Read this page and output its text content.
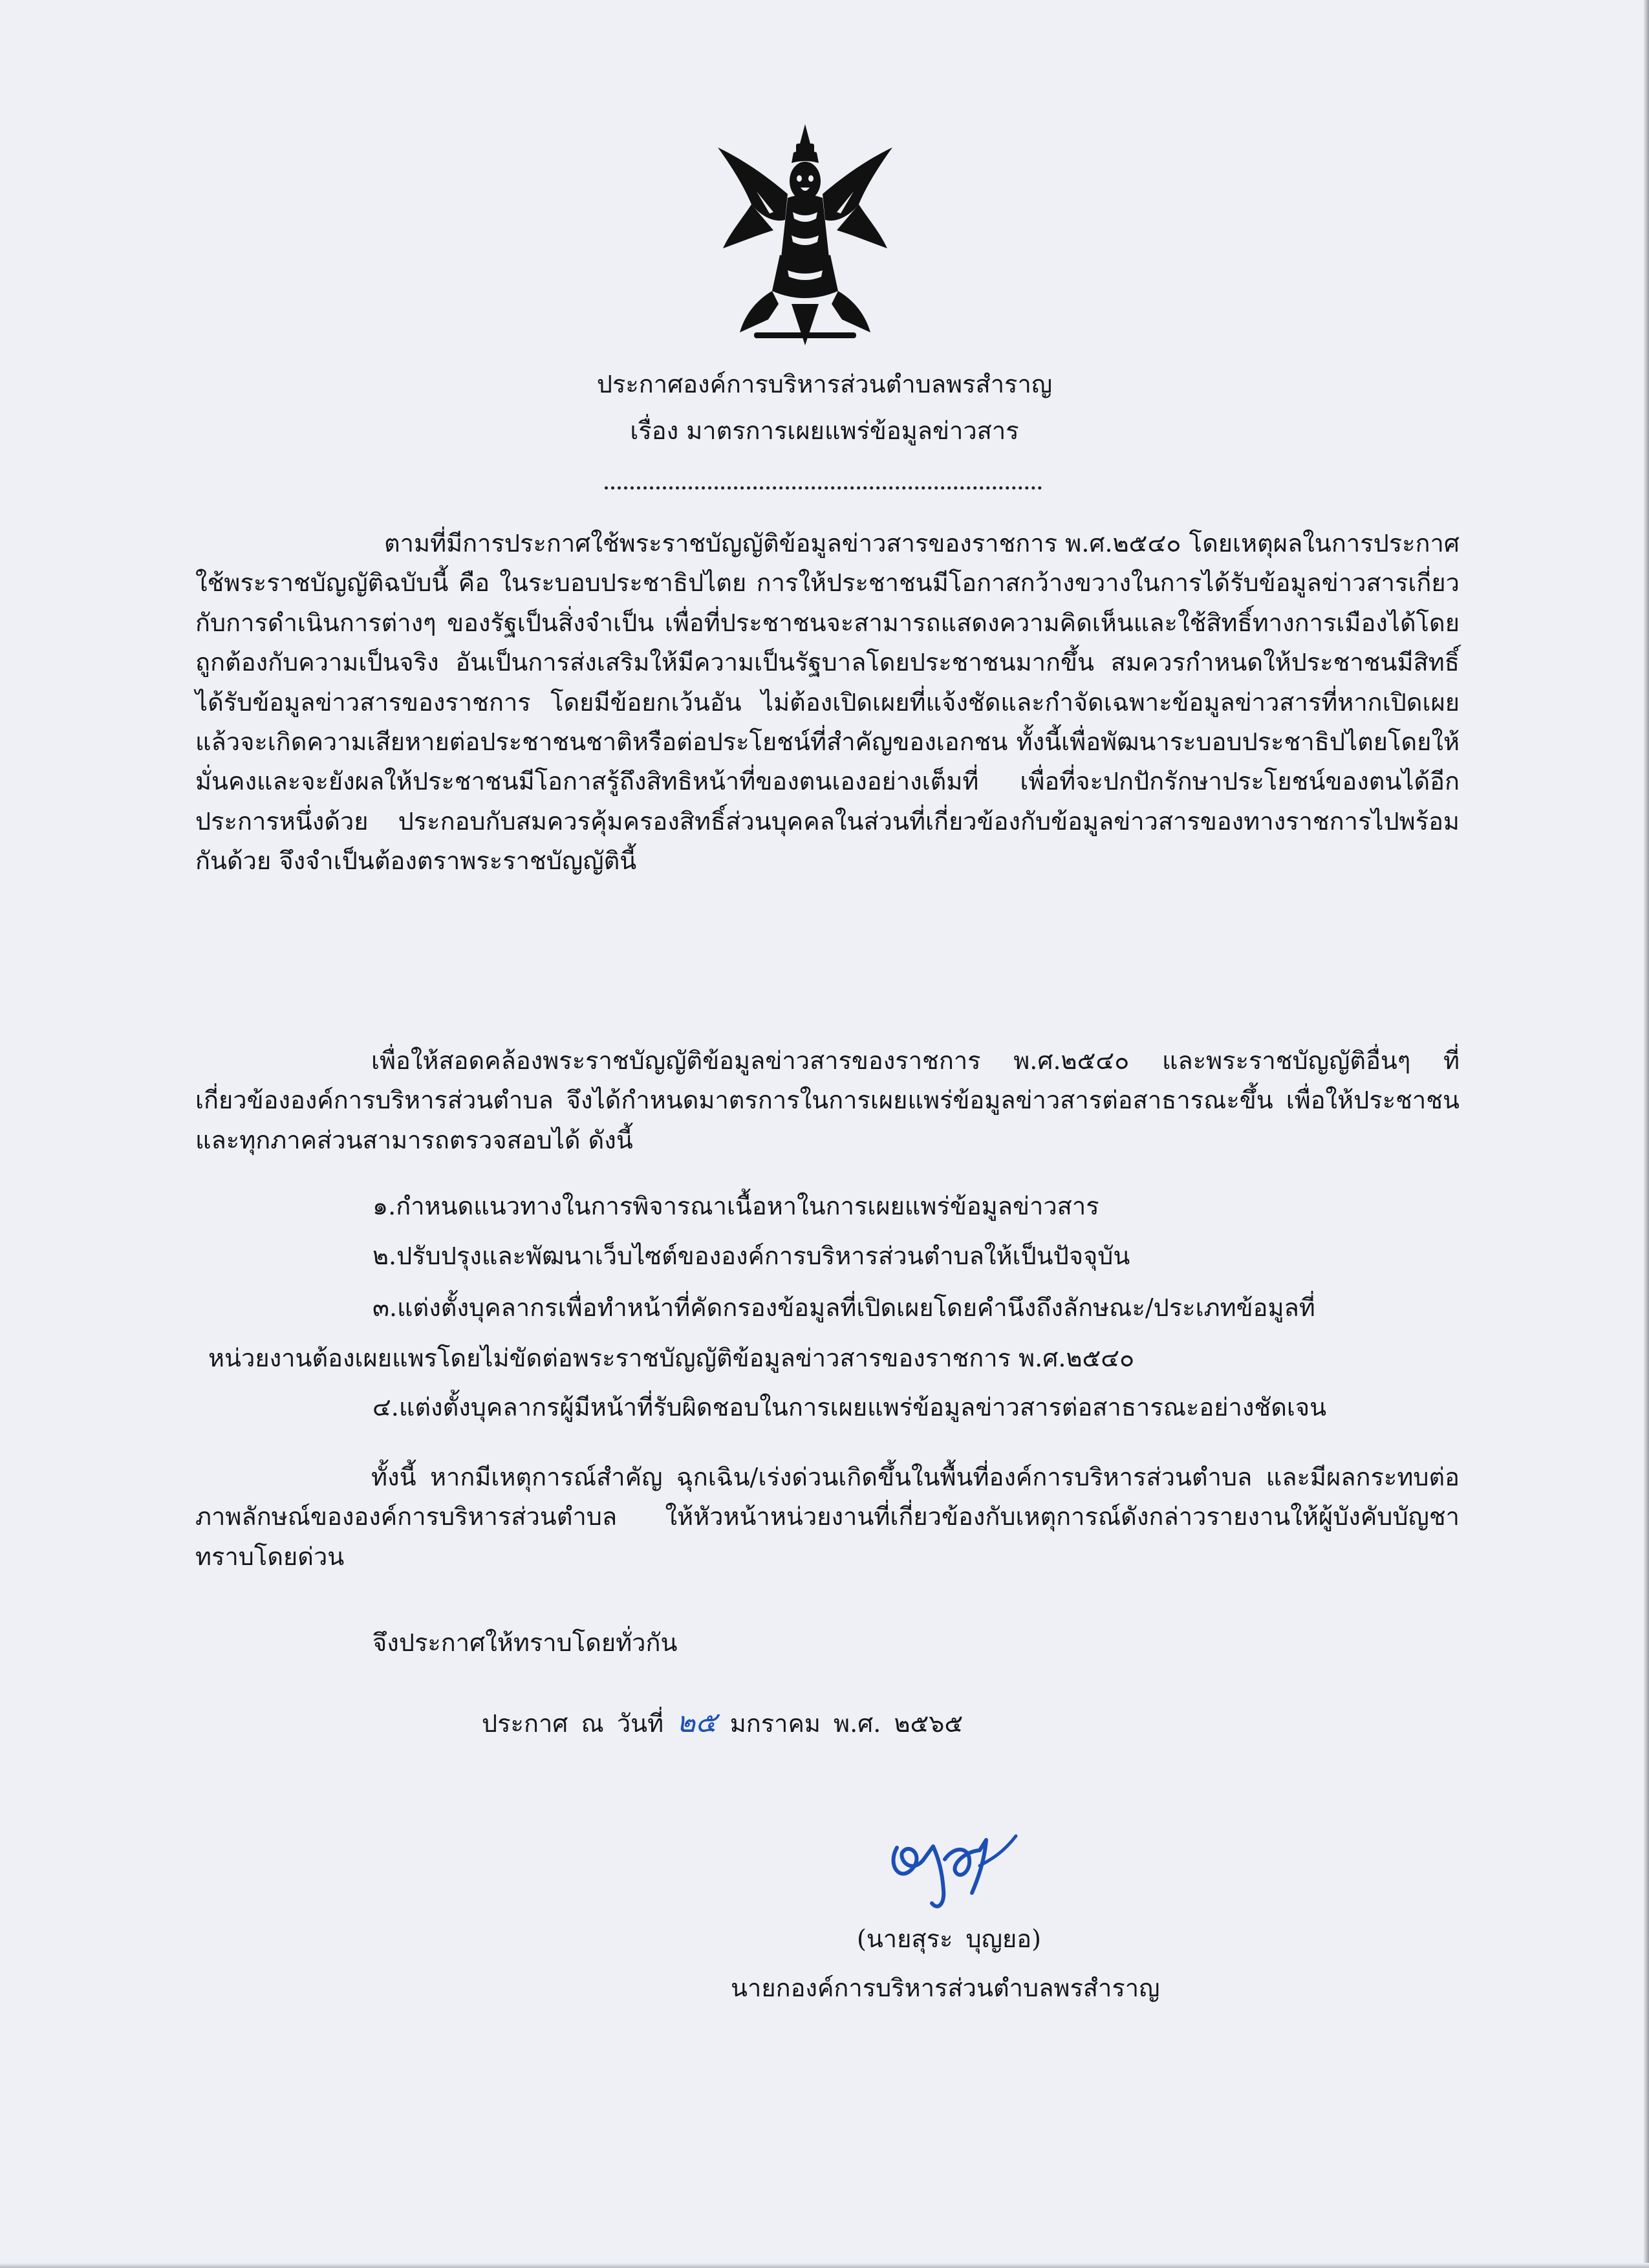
ประกาศองค์การบริหารส่วนตำบลพรสำราญ
เรื่อง มาตรการเผยแพร่ข้อมูลข่าวสาร

ตามที่มีการประกาศใช้พระราชบัญญัติข้อมูลข่าวสารของราชการ พ.ศ.๒๕๔๐ โดยเหตุผลในการประกาศใช้พระราชบัญญัติฉบับนี้ คือ ในระบอบประชาธิปไตย การให้ประชาชนมีโอกาสกว้างขวางในการได้รับข้อมูลข่าวสารเกี่ยวกับการดำเนินการต่างๆ ของรัฐเป็นสิ่งจำเป็น เพื่อที่ประชาชนจะสามารถแสดงความคิดเห็นและใช้สิทธิ์ทางการเมืองได้โดยถูกต้องกับความเป็นจริง อันเป็นการส่งเสริมให้มีความเป็นรัฐบาลโดยประชาชนมากขึ้น สมควรกำหนดให้ประชาชนมีสิทธิ์ได้รับข้อมูลข่าวสารของราชการ โดยมีข้อยกเว้นอัน ไม่ต้องเปิดเผยที่แจ้งชัดและกำจัดเฉพาะข้อมูลข่าวสารที่หากเปิดเผยแล้วจะเกิดความเสียหายต่อประชาชนชาติหรือต่อประโยชน์ที่สำคัญของเอกชน ทั้งนี้เพื่อพัฒนาระบอบประชาธิปไตยโดยให้มั่นคงและจะยังผลให้ประชาชนมีโอกาสรู้ถึงสิทธิหน้าที่ของตนเองอย่างเต็มที่ เพื่อที่จะปกปักรักษาประโยชน์ของตนได้อีกประการหนึ่งด้วย ประกอบกับสมควรคุ้มครองสิทธิ์ส่วนบุคคลในส่วนที่เกี่ยวข้องกับข้อมูลข่าวสารของทางราชการไปพร้อมกันด้วย จึงจำเป็นต้องตราพระราชบัญญัตินี้

เพื่อให้สอดคล้องพระราชบัญญัติข้อมูลข่าวสารของราชการ พ.ศ.๒๕๔๐ และพระราชบัญญัติอื่นๆ ที่เกี่ยวข้ององค์การบริหารส่วนตำบล จึงได้กำหนดมาตรการในการเผยแพร่ข้อมูลข่าวสารต่อสาธารณะขึ้น เพื่อให้ประชาชนและทุกภาคส่วนสามารถตรวจสอบได้ ดังนี้

๑.กำหนดแนวทางในการพิจารณาเนื้อหาในการเผยแพร่ข้อมูลข่าวสาร
๒.ปรับปรุงและพัฒนาเว็บไซต์ขององค์การบริหารส่วนตำบลให้เป็นปัจจุบัน
๓.แต่งตั้งบุคลากรเพื่อทำหน้าที่คัดกรองข้อมูลที่เปิดเผยโดยคำนึงถึงลักษณะ/ประเภทข้อมูลที่
หน่วยงานต้องเผยแพรโดยไม่ขัดต่อพระราชบัญญัติข้อมูลข่าวสารของราชการ พ.ศ.๒๕๔๐
๔.แต่งตั้งบุคลากรผู้มีหน้าที่รับผิดชอบในการเผยแพร่ข้อมูลข่าวสารต่อสาธารณะอย่างชัดเจน

ทั้งนี้ หากมีเหตุการณ์สำคัญ ฉุกเฉิน/เร่งด่วนเกิดขึ้นในพื้นที่องค์การบริหารส่วนตำบล และมีผลกระทบต่อภาพลักษณ์ขององค์การบริหารส่วนตำบล ให้หัวหน้าหน่วยงานที่เกี่ยวข้องกับเหตุการณ์ดังกล่าวรายงานให้ผู้บังคับบัญชาทราบโดยด่วน

จึงประกาศให้ทราบโดยทั่วกัน
ประกาศ ณ วันที่ ๒๕ มกราคม พ.ศ. ๒๕๖๕
(นายสุระ บุญยอ)
นายกองค์การบริหารส่วนตำบลพรสำราญ
